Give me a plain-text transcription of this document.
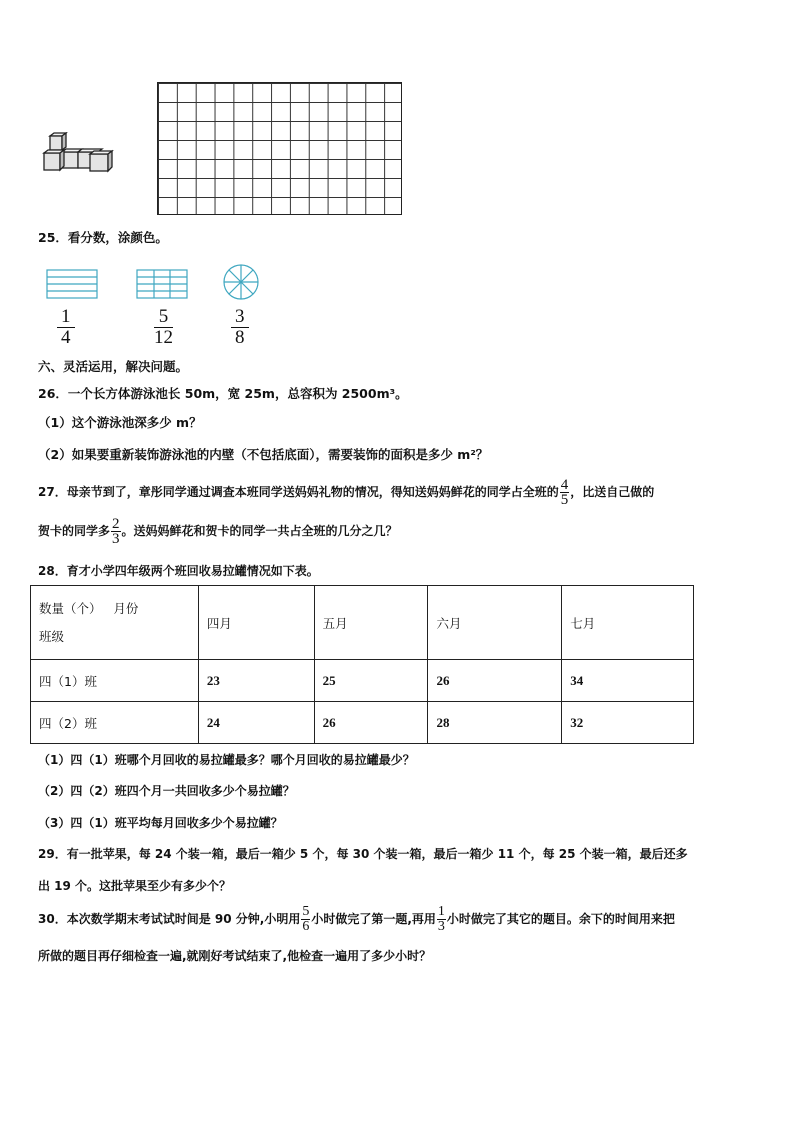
25．看分数，涂颜色。
1
4
5
12
3
8
六、灵活运用，解决问题。
26．一个长方体游泳池长 50m，宽 25m，总容积为 2500m³。
（1）这个游泳池深多少 m？
（2）如果要重新装饰游泳池的内壁（不包括底面），需要装饰的面积是多少 m²？
27．母亲节到了，章彤同学通过调查本班同学送妈妈礼物的情况，得知送妈妈鲜花的同学占全班的 $\frac{4}{5}$ ，比送自己做的
贺卡的同学多 $\frac{2}{3}$ 。送妈妈鲜花和贺卡的同学一共占全班的几分之几？
28．育才小学四年级两个班回收易拉罐情况如下表。
数量（个）   月份
班级	四月	五月	六月	七月
四（1）班	23	25	26	34
四（2）班	24	26	28	32
（1）四（1）班哪个月回收的易拉罐最多？哪个月回收的易拉罐最少？
（2）四（2）班四个月一共回收多少个易拉罐？
（3）四（1）班平均每月回收多少个易拉罐？
29．有一批苹果，每 24 个装一箱，最后一箱少 5 个，每 30 个装一箱，最后一箱少 11 个，每 25 个装一箱，最后还多
出 19 个。这批苹果至少有多少个？
30．本次数学期末考试试时间是 90 分钟,小明用 $\frac{5}{6}$ 小时做完了第一题,再用 $\frac{1}{3}$ 小时做完了其它的题目。余下的时间用来把
所做的题目再仔细检查一遍,就刚好考试结束了,他检查一遍用了多少小时？
